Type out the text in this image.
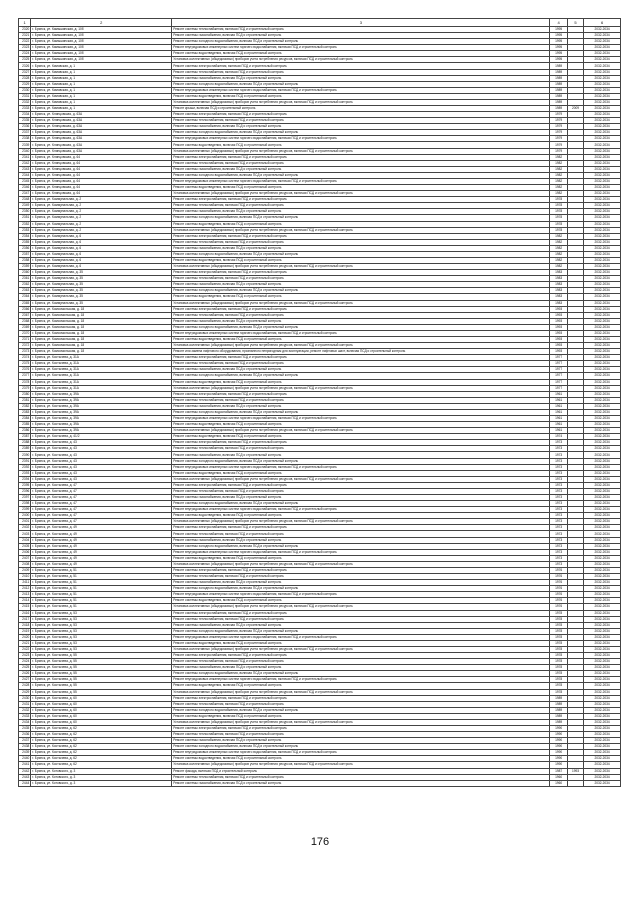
1	2	3	4	5	6
2320	г. Брянск, ул. Камышинская, д. 10б	Ремонт системы теплоснабжения, включая ПСД и строительный контроль	1995		2032-2034
2321	г. Брянск, ул. Камышинская, д. 10б	Ремонт системы газоснабжения, включая ПСД и строительный контроль	1995		2032-2034
2322	г. Брянск, ул. Камышинская, д. 10б	Ремонт системы холодного водоснабжения, включая ПСД и строительный контроль	1995		2032-2034
2323	г. Брянск, ул. Камышинская, д. 10б	Ремонт внутридомовых инженерных систем горячего водоснабжения, включая ПСД и строительный контроль	1995		2032-2034
2324	г. Брянск, ул. Камышинская, д. 10б	Ремонт системы водоотведения, включая ПСД и строительный контроль	1995		2032-2034
2325	г. Брянск, ул. Камышинская, д. 10б	Установка коллективных (общедомовых) приборов учета потребления ресурсов, включая ПСД и строительный контроль	1995		2032-2034
2326	г. Брянск, ул. Кимовская, д. 1	Ремонт системы электроснабжения, включая ПСД и строительный контроль	1989		2032-2034
2327	г. Брянск, ул. Кимовская, д. 1	Ремонт системы теплоснабжения, включая ПСД и строительный контроль	1989		2032-2034
2328	г. Брянск, ул. Кимовская, д. 1	Ремонт системы газоснабжения, включая ПСД и строительный контроль	1989		2032-2034
2329	г. Брянск, ул. Кимовская, д. 1	Ремонт системы холодного водоснабжения, включая ПСД и строительный контроль	1989		2032-2034
2330	г. Брянск, ул. Кимовская, д. 1	Ремонт внутридомовых инженерных систем горячего водоснабжения, включая ПСД и строительный контроль	1989		2032-2034
2331	г. Брянск, ул. Кимовская, д. 1	Ремонт системы водоотведения, включая ПСД и строительный контроль	1989		2032-2034
2332	г. Брянск, ул. Кимовская, д. 1	Установка коллективных (общедомовых) приборов учета потребления ресурсов, включая ПСД и строительный контроль	1989		2032-2034
2333	г. Брянск, ул. Кимовская, д. 1	Ремонт крыши, включая ПСД и строительный контроль	1989	2009	2032-2034
2334	г. Брянск, ул. Клинцовская, д. 63А	Ремонт системы электроснабжения, включая ПСД и строительный контроль	1979		2032-2034
2335	г. Брянск, ул. Клинцовская, д. 63А	Ремонт системы теплоснабжения, включая ПСД и строительный контроль	1979		2032-2034
2336	г. Брянск, ул. Клинцовская, д. 63А	Ремонт системы газоснабжения, включая ПСД и строительный контроль	1979		2032-2034
2337	г. Брянск, ул. Клинцовская, д. 63А	Ремонт системы холодного водоснабжения, включая ПСД и строительный контроль	1979		2032-2034
2338	г. Брянск, ул. Клинцовская, д. 63А	Ремонт внутридомовых инженерных систем горячего водоснабжения, включая ПСД и строительный контроль	1979		2032-2034
2339	г. Брянск, ул. Клинцовская, д. 63А	Ремонт системы водоотведения, включая ПСД и строительный контроль	1979		2032-2034
2340	г. Брянск, ул. Клинцовская, д. 63А	Установка коллективных (общедомовых) приборов учета потребления ресурсов, включая ПСД и строительный контроль	1979		2032-2034
2341	г. Брянск, ул. Клинцовская, д. 64	Ремонт системы электроснабжения, включая ПСД и строительный контроль	1982		2032-2034
2342	г. Брянск, ул. Клинцовская, д. 64	Ремонт системы теплоснабжения, включая ПСД и строительный контроль	1982		2032-2034
2343	г. Брянск, ул. Клинцовская, д. 64	Ремонт системы газоснабжения, включая ПСД и строительный контроль	1982		2032-2034
2344	г. Брянск, ул. Клинцовская, д. 64	Ремонт системы холодного водоснабжения, включая ПСД и строительный контроль	1982		2032-2034
2345	г. Брянск, ул. Клинцовская, д. 64	Ремонт внутридомовых инженерных систем горячего водоснабжения, включая ПСД и строительный контроль	1982		2032-2034
2346	г. Брянск, ул. Клинцовская, д. 64	Ремонт системы водоотведения, включая ПСД и строительный контроль	1982		2032-2034
2347	г. Брянск, ул. Клинцовская, д. 64	Установка коллективных (общедомовых) приборов учета потребления ресурсов, включая ПСД и строительный контроль	1982		2032-2034
2348	г. Брянск, ул. Коммунальная, д. 2	Ремонт системы электроснабжения, включая ПСД и строительный контроль	1978		2032-2034
2349	г. Брянск, ул. Коммунальная, д. 2	Ремонт системы теплоснабжения, включая ПСД и строительный контроль	1978		2032-2034
2350	г. Брянск, ул. Коммунальная, д. 2	Ремонт системы газоснабжения, включая ПСД и строительный контроль	1978		2032-2034
2351	г. Брянск, ул. Коммунальная, д. 2	Ремонт системы холодного водоснабжения, включая ПСД и строительный контроль	1978		2032-2034
2352	г. Брянск, ул. Коммунальная, д. 2	Ремонт системы водоотведения, включая ПСД и строительный контроль	1978		2032-2034
2353	г. Брянск, ул. Коммунальная, д. 2	Установка коллективных (общедомовых) приборов учета потребления ресурсов, включая ПСД и строительный контроль	1978		2032-2034
2354	г. Брянск, ул. Коммунальная, д. 6	Ремонт системы электроснабжения, включая ПСД и строительный контроль	1982		2032-2034
2355	г. Брянск, ул. Коммунальная, д. 6	Ремонт системы теплоснабжения, включая ПСД и строительный контроль	1982		2032-2034
2356	г. Брянск, ул. Коммунальная, д. 6	Ремонт системы газоснабжения, включая ПСД и строительный контроль	1982		2032-2034
2357	г. Брянск, ул. Коммунальная, д. 6	Ремонт системы холодного водоснабжения, включая ПСД и строительный контроль	1982		2032-2034
2358	г. Брянск, ул. Коммунальная, д. 6	Ремонт системы водоотведения, включая ПСД и строительный контроль	1982		2032-2034
2359	г. Брянск, ул. Коммунальная, д. 6	Установка коллективных (общедомовых) приборов учета потребления ресурсов, включая ПСД и строительный контроль	1982		2032-2034
2360	г. Брянск, ул. Коммунальная, д. 35	Ремонт системы электроснабжения, включая ПСД и строительный контроль	1983		2032-2034
2361	г. Брянск, ул. Коммунальная, д. 35	Ремонт системы теплоснабжения, включая ПСД и строительный контроль	1983		2032-2034
2362	г. Брянск, ул. Коммунальная, д. 35	Ремонт системы газоснабжения, включая ПСД и строительный контроль	1983		2032-2034
2363	г. Брянск, ул. Коммунальная, д. 35	Ремонт системы холодного водоснабжения, включая ПСД и строительный контроль	1983		2032-2034
2364	г. Брянск, ул. Коммунальная, д. 35	Ремонт системы водоотведения, включая ПСД и строительный контроль	1983		2032-2034
2365	г. Брянск, ул. Коммунальная, д. 35	Установка коллективных (общедомовых) приборов учета потребления ресурсов, включая ПСД и строительный контроль	1983		2032-2034
2366	г. Брянск, ул. Комсомольская, д. 18	Ремонт системы электроснабжения, включая ПСД и строительный контроль	1993		2032-2034
2367	г. Брянск, ул. Комсомольская, д. 18	Ремонт системы теплоснабжения, включая ПСД и строительный контроль	1993		2032-2034
2368	г. Брянск, ул. Комсомольская, д. 18	Ремонт системы газоснабжения, включая ПСД и строительный контроль	1993		2032-2034
2369	г. Брянск, ул. Комсомольская, д. 18	Ремонт системы холодного водоснабжения, включая ПСД и строительный контроль	1993		2032-2034
2370	г. Брянск, ул. Комсомольская, д. 18	Ремонт внутридомовых инженерных систем горячего водоснабжения, включая ПСД и строительный контроль	1993		2032-2034
2371	г. Брянск, ул. Комсомольская, д. 18	Ремонт системы водоотведения, включая ПСД и строительный контроль	1993		2032-2034
2372	г. Брянск, ул. Комсомольская, д. 18	Установка коллективных (общедомовых) приборов учета потребления ресурсов, включая ПСД и строительный контроль	1993		2032-2034
2373	г. Брянск, ул. Комсомольская, д. 18	Ремонт или замена лифтового оборудования, признанного непригодным для эксплуатации, ремонт лифтовых шахт, включая ПСД и строительный контроль	1993		2032-2034
2374	г. Брянск, ул. Костычева, д. 31А	Ремонт системы электроснабжения, включая ПСД и строительный контроль	1977		2032-2034
2375	г. Брянск, ул. Костычева, д. 31А	Ремонт системы теплоснабжения, включая ПСД и строительный контроль	1977		2032-2034
2376	г. Брянск, ул. Костычева, д. 31А	Ремонт системы газоснабжения, включая ПСД и строительный контроль	1977		2032-2034
2377	г. Брянск, ул. Костычева, д. 31А	Ремонт системы холодного водоснабжения, включая ПСД и строительный контроль	1977		2032-2034
2378	г. Брянск, ул. Костычева, д. 31А	Ремонт системы водоотведения, включая ПСД и строительный контроль	1977		2032-2034
2379	г. Брянск, ул. Костычева, д. 31А	Установка коллективных (общедомовых) приборов учета потребления ресурсов, включая ПСД и строительный контроль	1977		2032-2034
2380	г. Брянск, ул. Костычева, д. 39А	Ремонт системы электроснабжения, включая ПСД и строительный контроль	1961		2032-2034
2381	г. Брянск, ул. Костычева, д. 39А	Ремонт системы теплоснабжения, включая ПСД и строительный контроль	1961		2032-2034
2382	г. Брянск, ул. Костычева, д. 39А	Ремонт системы газоснабжения, включая ПСД и строительный контроль	1961		2032-2034
2383	г. Брянск, ул. Костычева, д. 39А	Ремонт системы холодного водоснабжения, включая ПСД и строительный контроль	1961		2032-2034
2384	г. Брянск, ул. Костычева, д. 39А	Ремонт внутридомовых инженерных систем горячего водоснабжения, включая ПСД и строительный контроль	1961		2032-2034
2385	г. Брянск, ул. Костычева, д. 39А	Ремонт системы водоотведения, включая ПСД и строительный контроль	1961		2032-2034
2386	г. Брянск, ул. Костычева, д. 39А	Установка коллективных (общедомовых) приборов учета потребления ресурсов, включая ПСД и строительный контроль	1961		2032-2034
2387	г. Брянск, ул. Костычева, д. 41/2	Ремонт системы водоотведения, включая ПСД и строительный контроль	1974		2032-2034
2388	г. Брянск, ул. Костычева, д. 43	Ремонт системы электроснабжения, включая ПСД и строительный контроль	1973		2032-2034
2389	г. Брянск, ул. Костычева, д. 43	Ремонт системы теплоснабжения, включая ПСД и строительный контроль	1973		2032-2034
2390	г. Брянск, ул. Костычева, д. 43	Ремонт системы газоснабжения, включая ПСД и строительный контроль	1973		2032-2034
2391	г. Брянск, ул. Костычева, д. 43	Ремонт системы холодного водоснабжения, включая ПСД и строительный контроль	1973		2032-2034
2392	г. Брянск, ул. Костычева, д. 43	Ремонт внутридомовых инженерных систем горячего водоснабжения, включая ПСД и строительный контроль	1973		2032-2034
2393	г. Брянск, ул. Костычева, д. 43	Ремонт системы водоотведения, включая ПСД и строительный контроль	1973		2032-2034
2394	г. Брянск, ул. Костычева, д. 43	Установка коллективных (общедомовых) приборов учета потребления ресурсов, включая ПСД и строительный контроль	1973		2032-2034
2395	г. Брянск, ул. Костычева, д. 47	Ремонт системы электроснабжения, включая ПСД и строительный контроль	1973		2032-2034
2396	г. Брянск, ул. Костычева, д. 47	Ремонт системы теплоснабжения, включая ПСД и строительный контроль	1973		2032-2034
2397	г. Брянск, ул. Костычева, д. 47	Ремонт системы газоснабжения, включая ПСД и строительный контроль	1973		2032-2034
2398	г. Брянск, ул. Костычева, д. 47	Ремонт системы холодного водоснабжения, включая ПСД и строительный контроль	1973		2032-2034
2399	г. Брянск, ул. Костычева, д. 47	Ремонт внутридомовых инженерных систем горячего водоснабжения, включая ПСД и строительный контроль	1973		2032-2034
2400	г. Брянск, ул. Костычева, д. 47	Ремонт системы водоотведения, включая ПСД и строительный контроль	1973		2032-2034
2401	г. Брянск, ул. Костычева, д. 47	Установка коллективных (общедомовых) приборов учета потребления ресурсов, включая ПСД и строительный контроль	1973		2032-2034
2402	г. Брянск, ул. Костычева, д. 49	Ремонт системы электроснабжения, включая ПСД и строительный контроль	1973		2032-2034
2403	г. Брянск, ул. Костычева, д. 49	Ремонт системы теплоснабжения, включая ПСД и строительный контроль	1973		2032-2034
2404	г. Брянск, ул. Костычева, д. 49	Ремонт системы газоснабжения, включая ПСД и строительный контроль	1973		2032-2034
2405	г. Брянск, ул. Костычева, д. 49	Ремонт системы холодного водоснабжения, включая ПСД и строительный контроль	1973		2032-2034
2406	г. Брянск, ул. Костычева, д. 49	Ремонт внутридомовых инженерных систем горячего водоснабжения, включая ПСД и строительный контроль	1973		2032-2034
2407	г. Брянск, ул. Костычева, д. 49	Ремонт системы водоотведения, включая ПСД и строительный контроль	1973		2032-2034
2408	г. Брянск, ул. Костычева, д. 49	Установка коллективных (общедомовых) приборов учета потребления ресурсов, включая ПСД и строительный контроль	1973		2032-2034
2409	г. Брянск, ул. Костычева, д. 51	Ремонт системы электроснабжения, включая ПСД и строительный контроль	1976		2032-2034
2410	г. Брянск, ул. Костычева, д. 51	Ремонт системы теплоснабжения, включая ПСД и строительный контроль	1976		2032-2034
2411	г. Брянск, ул. Костычева, д. 51	Ремонт системы газоснабжения, включая ПСД и строительный контроль	1976		2032-2034
2412	г. Брянск, ул. Костычева, д. 51	Ремонт системы холодного водоснабжения, включая ПСД и строительный контроль	1976		2032-2034
2413	г. Брянск, ул. Костычева, д. 51	Ремонт внутридомовых инженерных систем горячего водоснабжения, включая ПСД и строительный контроль	1976		2032-2034
2414	г. Брянск, ул. Костычева, д. 51	Ремонт системы водоотведения, включая ПСД и строительный контроль	1976		2032-2034
2415	г. Брянск, ул. Костычева, д. 51	Установка коллективных (общедомовых) приборов учета потребления ресурсов, включая ПСД и строительный контроль	1976		2032-2034
2416	г. Брянск, ул. Костычева, д. 53	Ремонт системы электроснабжения, включая ПСД и строительный контроль	1978		2032-2034
2417	г. Брянск, ул. Костычева, д. 53	Ремонт системы теплоснабжения, включая ПСД и строительный контроль	1978		2032-2034
2418	г. Брянск, ул. Костычева, д. 53	Ремонт системы газоснабжения, включая ПСД и строительный контроль	1978		2032-2034
2419	г. Брянск, ул. Костычева, д. 53	Ремонт системы холодного водоснабжения, включая ПСД и строительный контроль	1978		2032-2034
2420	г. Брянск, ул. Костычева, д. 53	Ремонт внутридомовых инженерных систем горячего водоснабжения, включая ПСД и строительный контроль	1978		2032-2034
2421	г. Брянск, ул. Костычева, д. 53	Ремонт системы водоотведения, включая ПСД и строительный контроль	1978		2032-2034
2422	г. Брянск, ул. Костычева, д. 53	Установка коллективных (общедомовых) приборов учета потребления ресурсов, включая ПСД и строительный контроль	1978		2032-2034
2423	г. Брянск, ул. Костычева, д. 55	Ремонт системы электроснабжения, включая ПСД и строительный контроль	1978		2032-2034
2424	г. Брянск, ул. Костычева, д. 55	Ремонт системы теплоснабжения, включая ПСД и строительный контроль	1978		2032-2034
2425	г. Брянск, ул. Костычева, д. 55	Ремонт системы газоснабжения, включая ПСД и строительный контроль	1978		2032-2034
2426	г. Брянск, ул. Костычева, д. 55	Ремонт системы холодного водоснабжения, включая ПСД и строительный контроль	1978		2032-2034
2427	г. Брянск, ул. Костычева, д. 55	Ремонт внутридомовых инженерных систем горячего водоснабжения, включая ПСД и строительный контроль	1978		2032-2034
2428	г. Брянск, ул. Костычева, д. 55	Ремонт системы водоотведения, включая ПСД и строительный контроль	1978		2032-2034
2429	г. Брянск, ул. Костычева, д. 55	Установка коллективных (общедомовых) приборов учета потребления ресурсов, включая ПСД и строительный контроль	1978		2032-2034
2430	г. Брянск, ул. Костычева, д. 60	Ремонт системы электроснабжения, включая ПСД и строительный контроль	1989		2032-2034
2431	г. Брянск, ул. Костычева, д. 60	Ремонт системы теплоснабжения, включая ПСД и строительный контроль	1989		2032-2034
2432	г. Брянск, ул. Костычева, д. 60	Ремонт системы холодного водоснабжения, включая ПСД и строительный контроль	1989		2032-2034
2433	г. Брянск, ул. Костычева, д. 60	Ремонт системы водоотведения, включая ПСД и строительный контроль	1989		2032-2034
2434	г. Брянск, ул. Костычева, д. 60	Установка коллективных (общедомовых) приборов учета потребления ресурсов, включая ПСД и строительный контроль	1989		2032-2034
2435	г. Брянск, ул. Костычева, д. 62	Ремонт системы электроснабжения, включая ПСД и строительный контроль	1990		2032-2034
2436	г. Брянск, ул. Костычева, д. 62	Ремонт системы теплоснабжения, включая ПСД и строительный контроль	1990		2032-2034
2437	г. Брянск, ул. Костычева, д. 62	Ремонт системы газоснабжения, включая ПСД и строительный контроль	1990		2032-2034
2438	г. Брянск, ул. Костычева, д. 62	Ремонт системы холодного водоснабжения, включая ПСД и строительный контроль	1990		2032-2034
2439	г. Брянск, ул. Костычева, д. 62	Ремонт внутридомовых инженерных систем горячего водоснабжения, включая ПСД и строительный контроль	1990		2032-2034
2440	г. Брянск, ул. Костычева, д. 62	Ремонт системы водоотведения, включая ПСД и строительный контроль	1990		2032-2034
2441	г. Брянск, ул. Костычева, д. 62	Установка коллективных (общедомовых) приборов учета потребления ресурсов, включая ПСД и строительный контроль	1990		2032-2034
2442	г. Брянск, ул. Котовского, д. 3	Ремонт фасада, включая ПСД и строительный контроль	1987	1993	2032-2034
2443	г. Брянск, ул. Котовского, д. 3	Ремонт системы теплоснабжения, включая ПСД и строительный контроль	1960		2032-2034
2444	г. Брянск, ул. Котовского, д. 3	Ремонт системы газоснабжения, включая ПСД и строительный контроль	1960		2032-2034
176
